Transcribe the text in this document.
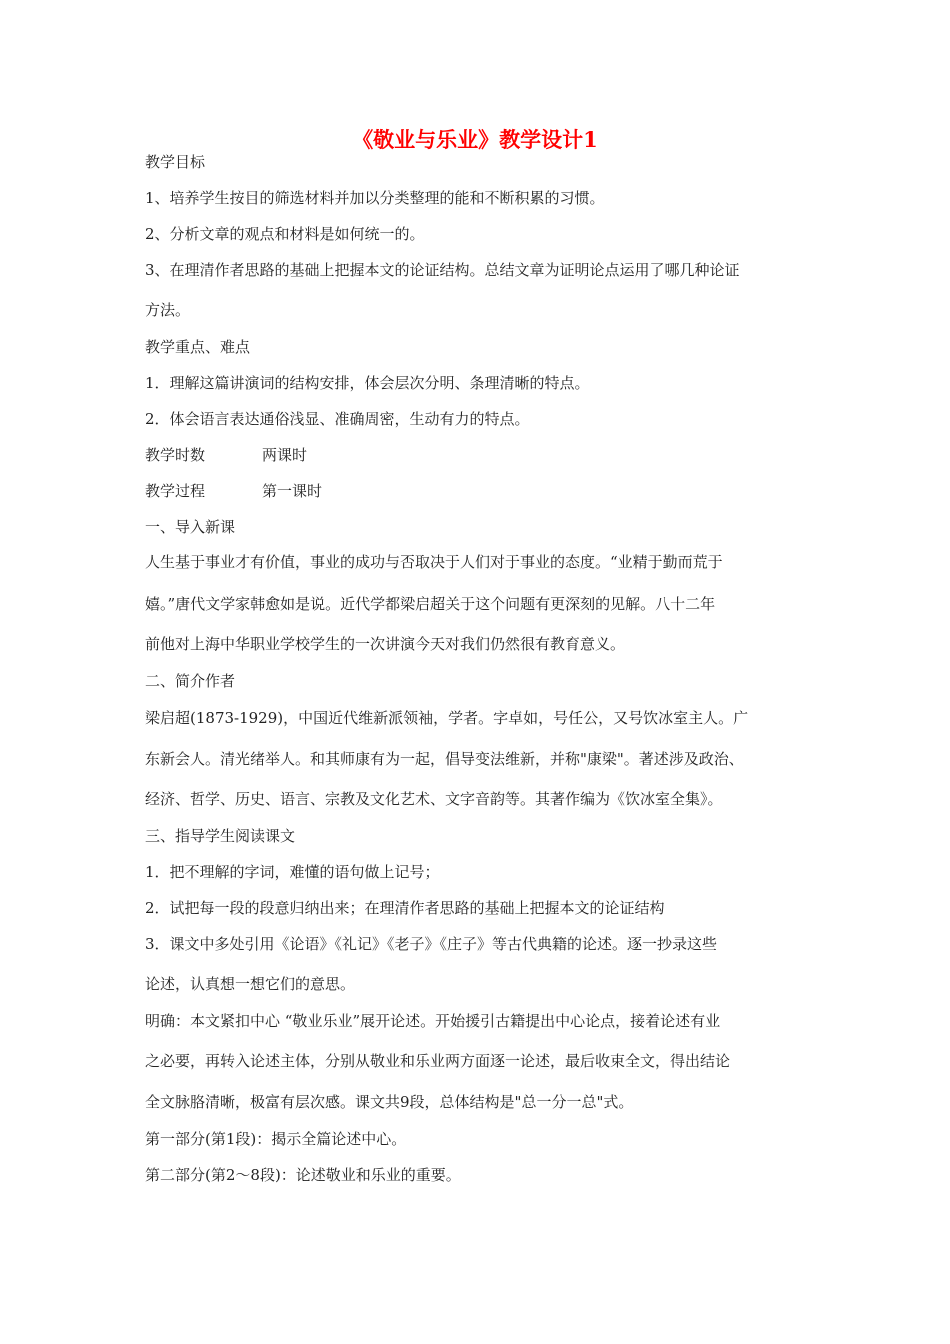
《敬业与乐业》教学设计1
教学目标
1、培养学生按目的筛选材料并加以分类整理的能和不断积累的习惯。
2、分析文章的观点和材料是如何统一的。
3、在理清作者思路的基础上把握本文的论证结构。总结文章为证明论点运用了哪几种论证
方法。
教学重点、难点
1．理解这篇讲演词的结构安排，体会层次分明、条理清晰的特点。
2．体会语言表达通俗浅显、准确周密，生动有力的特点。
教学时数	两课时
教学过程	第一课时
一、导入新课
人生基于事业才有价值，事业的成功与否取决于人们对于事业的态度。“业精于勤而荒于
嬉。”唐代文学家韩愈如是说。近代学都梁启超关于这个问题有更深刻的见解。八十二年
前他对上海中华职业学校学生的一次讲演今天对我们仍然很有教育意义。
二、简介作者
梁启超(1873-1929)，中国近代维新派领袖，学者。字卓如，号任公，又号饮冰室主人。广
东新会人。清光绪举人。和其师康有为一起，倡导变法维新，并称"康梁"。著述涉及政治、
经济、哲学、历史、语言、宗教及文化艺术、文字音韵等。其著作编为《饮冰室全集》。
三、指导学生阅读课文
1．把不理解的字词，难懂的语句做上记号；
2．试把每一段的段意归纳出来；在理清作者思路的基础上把握本文的论证结构
3．课文中多处引用《论语》《礼记》《老子》《庄子》等古代典籍的论述。逐一抄录这些
论述，认真想一想它们的意思。
明确：本文紧扣中心 “敬业乐业”展开论述。开始援引古籍提出中心论点，接着论述有业
之必要，再转入论述主体，分别从敬业和乐业两方面逐一论述，最后收束全文，得出结论
全文脉胳清晰，极富有层次感。课文共9段，总体结构是"总一分一总"式。
第一部分(第1段)：揭示全篇论述中心。
第二部分(第2～8段)：论述敬业和乐业的重要。
